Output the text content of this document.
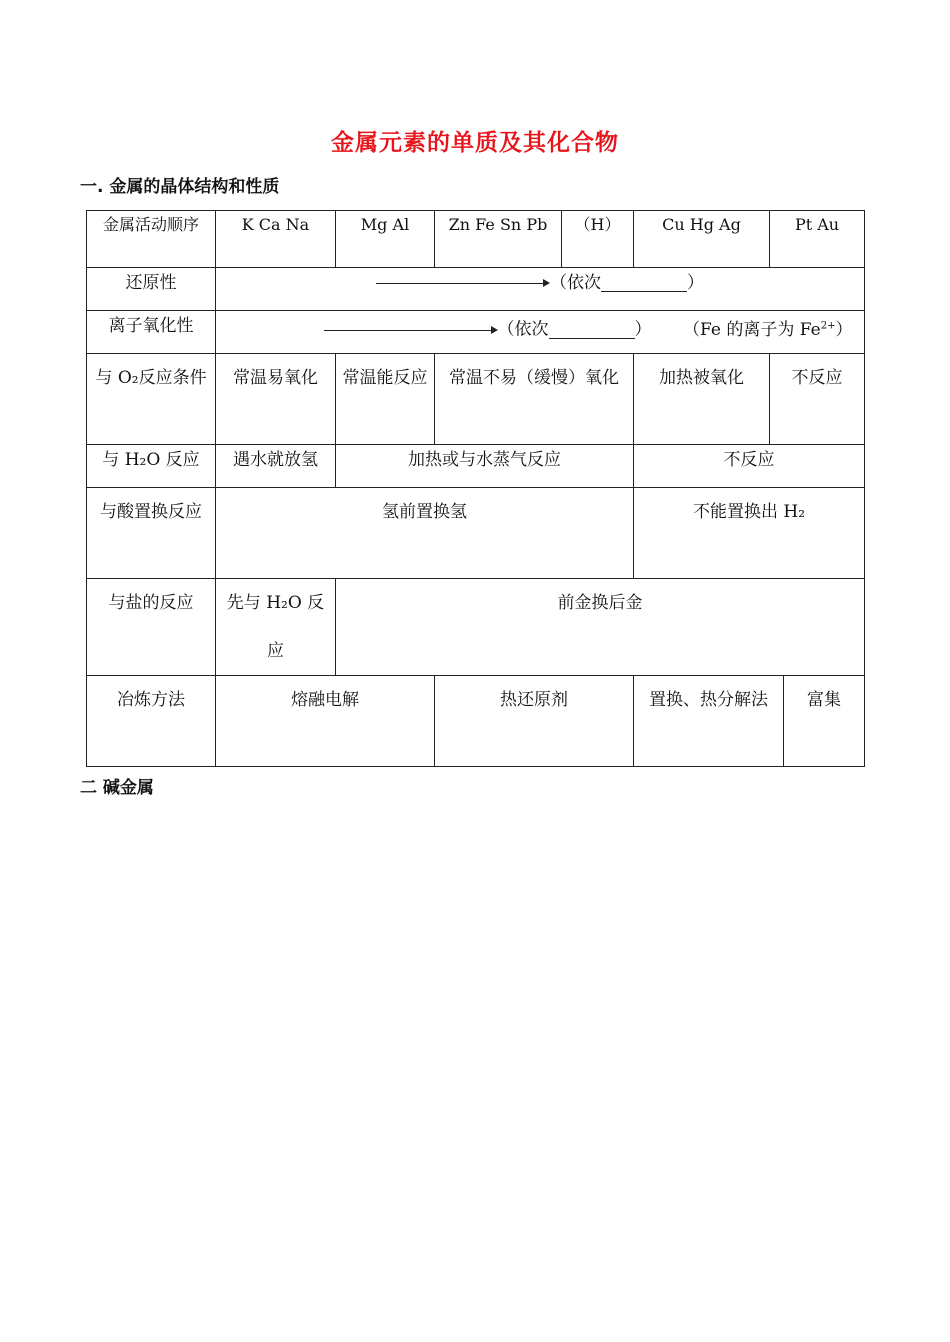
金属元素的单质及其化合物
一. 金属的晶体结构和性质
金属活动顺序	K Ca Na	Mg Al	Zn Fe Sn Pb	（H）	Cu Hg Ag	Pt Au	
还原性	（依次 ）						
离子氧化性	（依次 ） （Fe 的离子为 $Fe^{2+}$）						
与 O₂反应条件	常温易氧化	常温能反应	常温不易（缓慢）氧化		加热被氧化	不反应	
与 H₂O 反应	遇水就放氢	加热或与水蒸气反应			不反应		
与酸置换反应	氢前置换氢				不能置换出 H₂		
与盐的反应	先与 H₂O 反应	前金换后金					
冶炼方法	熔融电解		热还原剂		置换、热分解法		富集
二 碱金属
